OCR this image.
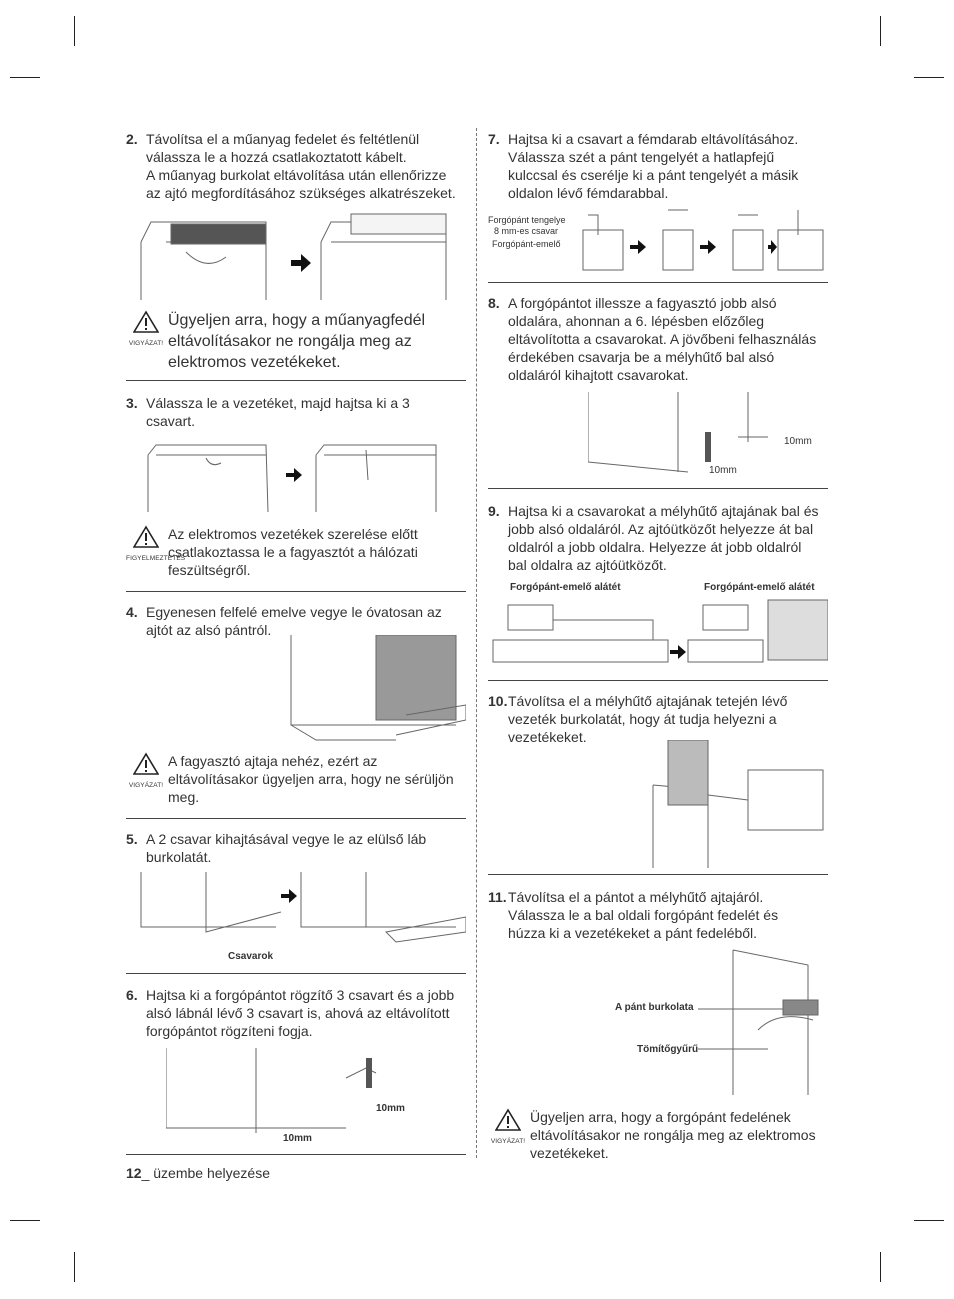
2. Távolítsa el a műanyag fedelet és feltétlenül
válassza le a hozzá csatlakoztatott kábelt.
A műanyag burkolat eltávolítása után ellenőrizze
az ajtó megfordításához szükséges alkatrészeket.
VIGYÁZAT!
Ügyeljen arra, hogy a műanyagfedél
eltávolításakor ne rongálja meg az
elektromos vezetékeket.
3. Válassza le a vezetéket, majd hajtsa ki a 3
csavart.
FIGYELMEZTETÉS
Az elektromos vezetékek szerelése előtt
csatlakoztassa le a fagyasztót a hálózati
feszültségről.
4. Egyenesen felfelé emelve vegye le óvatosan az
ajtót az alsó pántról.
VIGYÁZAT!
A fagyasztó ajtaja nehéz, ezért az
eltávolításakor ügyeljen arra, hogy ne sérüljön
meg.
5. A 2 csavar kihajtásával vegye le az elülső láb
burkolatát.
Csavarok
6. Hajtsa ki a forgópántot rögzítő 3 csavart és a jobb
alsó lábnál lévő 3 csavart is, ahová az eltávolított
forgópántot rögzíteni fogja.
10mm
10mm
7. Hajtsa ki a csavart a fémdarab eltávolításához.
Válassza szét a pánt tengelyét a hatlapfejű
kulccsal és cserélje ki a pánt tengelyét a másik
oldalon lévő fémdarabbal.
Forgópánt tengelye
8 mm-es csavar
Forgópánt-emelő
8. A forgópántot illessze a fagyasztó jobb alsó
oldalára, ahonnan a 6. lépésben előzőleg
eltávolította a csavarokat. A jövőbeni felhasználás
érdekében csavarja be a mélyhűtő bal alsó
oldaláról kihajtott csavarokat.
10mm
10mm
9. Hajtsa ki a csavarokat a mélyhűtő ajtajának bal és
jobb alsó oldaláról. Az ajtóütközőt helyezze át bal
oldalról a jobb oldalra. Helyezze át jobb oldalról
bal oldalra az ajtóütközőt.
Forgópánt-emelő alátét	Forgópánt-emelő alátét
10. Távolítsa el a mélyhűtő ajtajának tetején lévő
vezeték burkolatát, hogy át tudja helyezni a
vezetékeket.
11. Távolítsa el a pántot a mélyhűtő ajtajáról.
Válassza le a bal oldali forgópánt fedelét és
húzza ki a vezetékeket a pánt fedeléből.
A pánt burkolata
Tömítőgyűrű
VIGYÁZAT!
Ügyeljen arra, hogy a forgópánt fedelének
eltávolításakor ne rongálja meg az elektromos
vezetékeket.
12_ üzembe helyezése
